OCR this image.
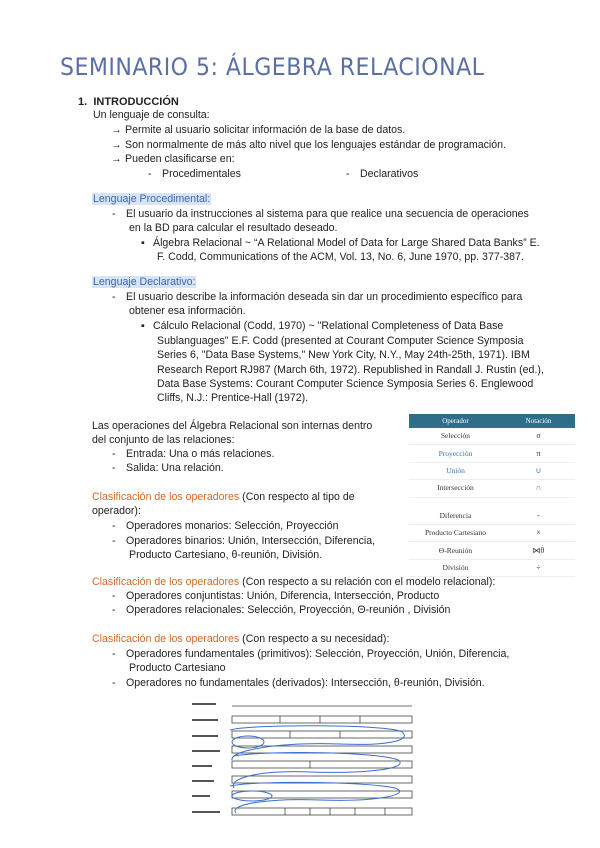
SEMINARIO 5: ÁLGEBRA RELACIONAL
1. INTRODUCCIÓN
Un lenguaje de consulta:
→ Permite al usuario solicitar información de la base de datos.
→ Son normalmente de más alto nivel que los lenguajes estándar de programación.
→ Pueden clasificarse en:
- Procedimentales	- Declarativos
Lenguaje Procedimental:
- El usuario da instrucciones al sistema para que realice una secuencia de operaciones
en la BD para calcular el resultado deseado.
▪ Álgebra Relacional ~ “A Relational Model of Data for Large Shared Data Banks” E.
F. Codd, Communications of the ACM, Vol. 13, No. 6, June 1970, pp. 377-387.
Lenguaje Declarativo:
- El usuario describe la información deseada sin dar un procedimiento específico para
obtener esa información.
▪ Cálculo Relacional (Codd, 1970) ~ "Relational Completeness of Data Base
Sublanguages" E.F. Codd (presented at Courant Computer Science Symposia
Series 6, "Data Base Systems," New York City, N.Y., May 24th-25th, 1971). IBM
Research Report RJ987 (March 6th, 1972). Republished in Randall J. Rustin (ed.),
Data Base Systems: Courant Computer Science Symposia Series 6. Englewood
Cliffs, N.J.: Prentice-Hall (1972).
Las operaciones del Álgebra Relacional son internas dentro
del conjunto de las relaciones:
- Entrada: Una o más relaciones.
- Salida: Una relación.
Clasificación de los operadores (Con respecto al tipo de
operador):
- Operadores monarios: Selección, Proyección
- Operadores binarios: Unión, Intersección, Diferencia,
Producto Cartesiano, θ-reunión, División.
Operador	Notación
Selección	σ
Proyección	π
Unión	∪
Intersección	∩

Diferencia	-
Producto Cartesiano	×
Θ-Reunión	⋈θ
División	÷
Clasificación de los operadores (Con respecto a su relación con el modelo relacional):
- Operadores conjuntistas: Unión, Diferencia, Intersección, Producto
- Operadores relacionales: Selección, Proyección, Θ-reunión , División
Clasificación de los operadores (Con respecto a su necesidad):
- Operadores fundamentales (primitivos): Selección, Proyección, Unión, Diferencia,
Producto Cartesiano
- Operadores no fundamentales (derivados): Intersección, θ-reunión, División.
